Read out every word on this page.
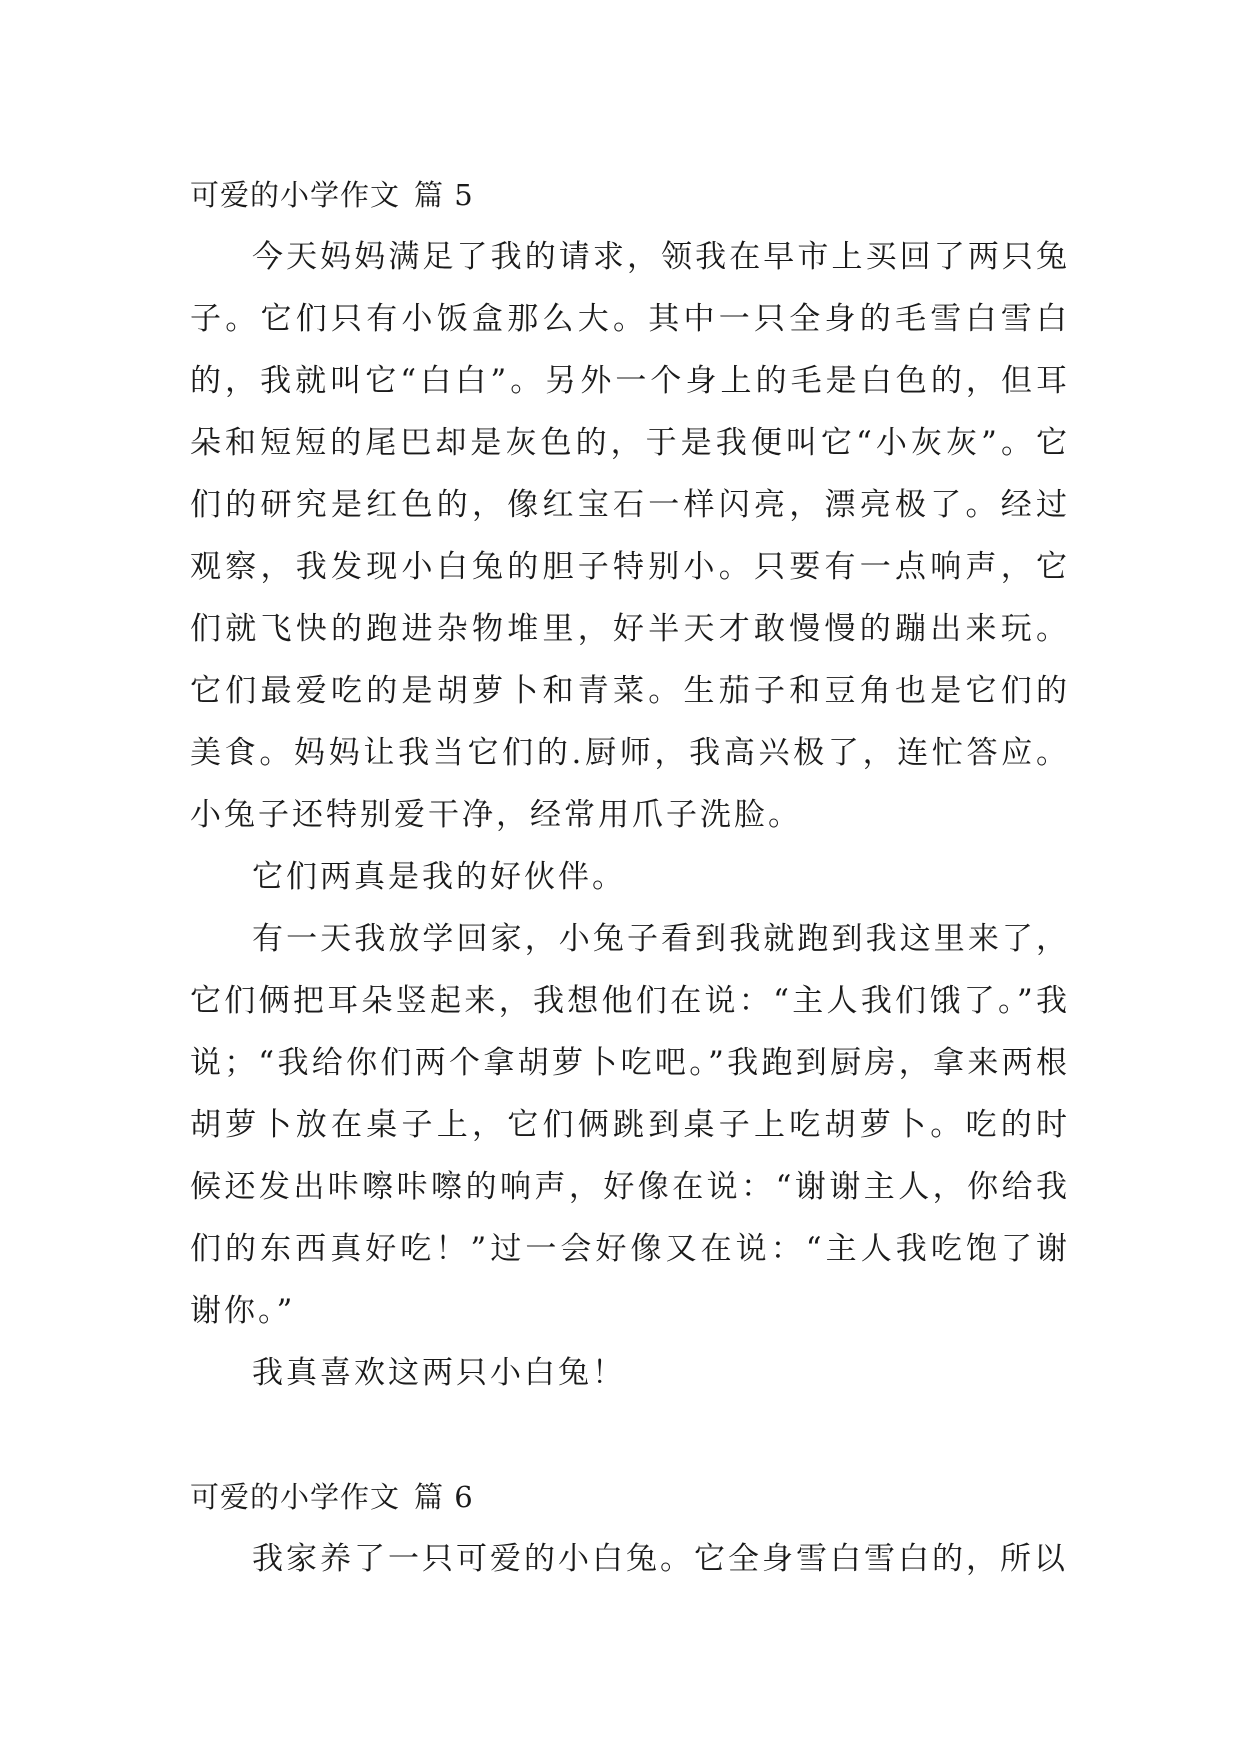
可爱的小学作文 篇 5

今天妈妈满足了我的请求，领我在早市上买回了两只兔子。它们只有小饭盒那么大。其中一只全身的毛雪白雪白的，我就叫它“白白”。另外一个身上的毛是白色的，但耳朵和短短的尾巴却是灰色的，于是我便叫它“小灰灰”。它们的研究是红色的，像红宝石一样闪亮，漂亮极了。经过观察，我发现小白兔的胆子特别小。只要有一点响声，它们就飞快的跑进杂物堆里，好半天才敢慢慢的蹦出来玩。它们最爱吃的是胡萝卜和青菜。生茄子和豆角也是它们的美食。妈妈让我当它们的.厨师，我高兴极了，连忙答应。小兔子还特别爱干净，经常用爪子洗脸。

它们两真是我的好伙伴。

有一天我放学回家，小兔子看到我就跑到我这里来了，它们俩把耳朵竖起来，我想他们在说：“主人我们饿了。”我说；“我给你们两个拿胡萝卜吃吧。”我跑到厨房，拿来两根胡萝卜放在桌子上，它们俩跳到桌子上吃胡萝卜。吃的时候还发出咔嚓咔嚓的响声，好像在说：“谢谢主人，你给我们的东西真好吃！”过一会好像又在说：“主人我吃饱了谢谢你。”

我真喜欢这两只小白兔！

可爱的小学作文 篇 6

我家养了一只可爱的小白兔。它全身雪白雪白的，所以
